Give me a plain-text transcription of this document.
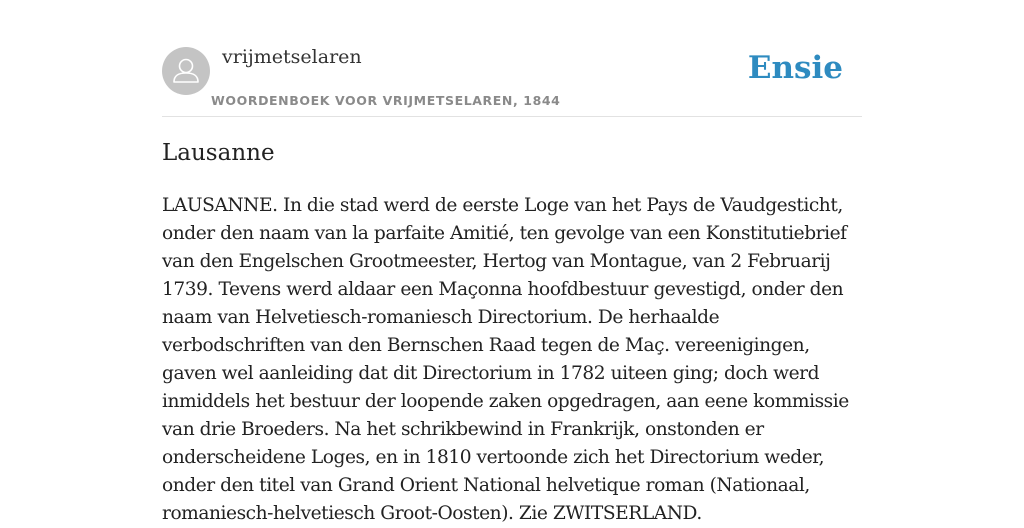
vrijmetselaren
WOORDENBOEK VOOR VRIJMETSELAREN, 1844
Ensie
Lausanne

LAUSANNE. In die stad werd de eerste Loge van het Pays de Vaudgesticht, onder den naam van la parfaite Amitié, ten gevolge van een Konstitutiebrief van den Engelschen Grootmeester, Hertog van Montague, van 2 Februarij 1739. Tevens werd aldaar een Maçonna hoofdbestuur gevestigd, onder den naam van Helvetiesch-romaniesch Directorium. De herhaalde verbodschriften van den Bernschen Raad tegen de Maç. vereenigingen, gaven wel aanleiding dat dit Directorium in 1782 uiteen ging; doch werd inmiddels het bestuur der loopende zaken opgedragen, aan eene kommissie van drie Broeders. Na het schrikbewind in Frankrijk, onstonden er onderscheidene Loges, en in 1810 vertoonde zich het Directorium weder, onder den titel van Grand Orient National helvetique roman (Nationaal, romaniesch-helvetiesch Groot-Oosten). Zie ZWITSERLAND.
